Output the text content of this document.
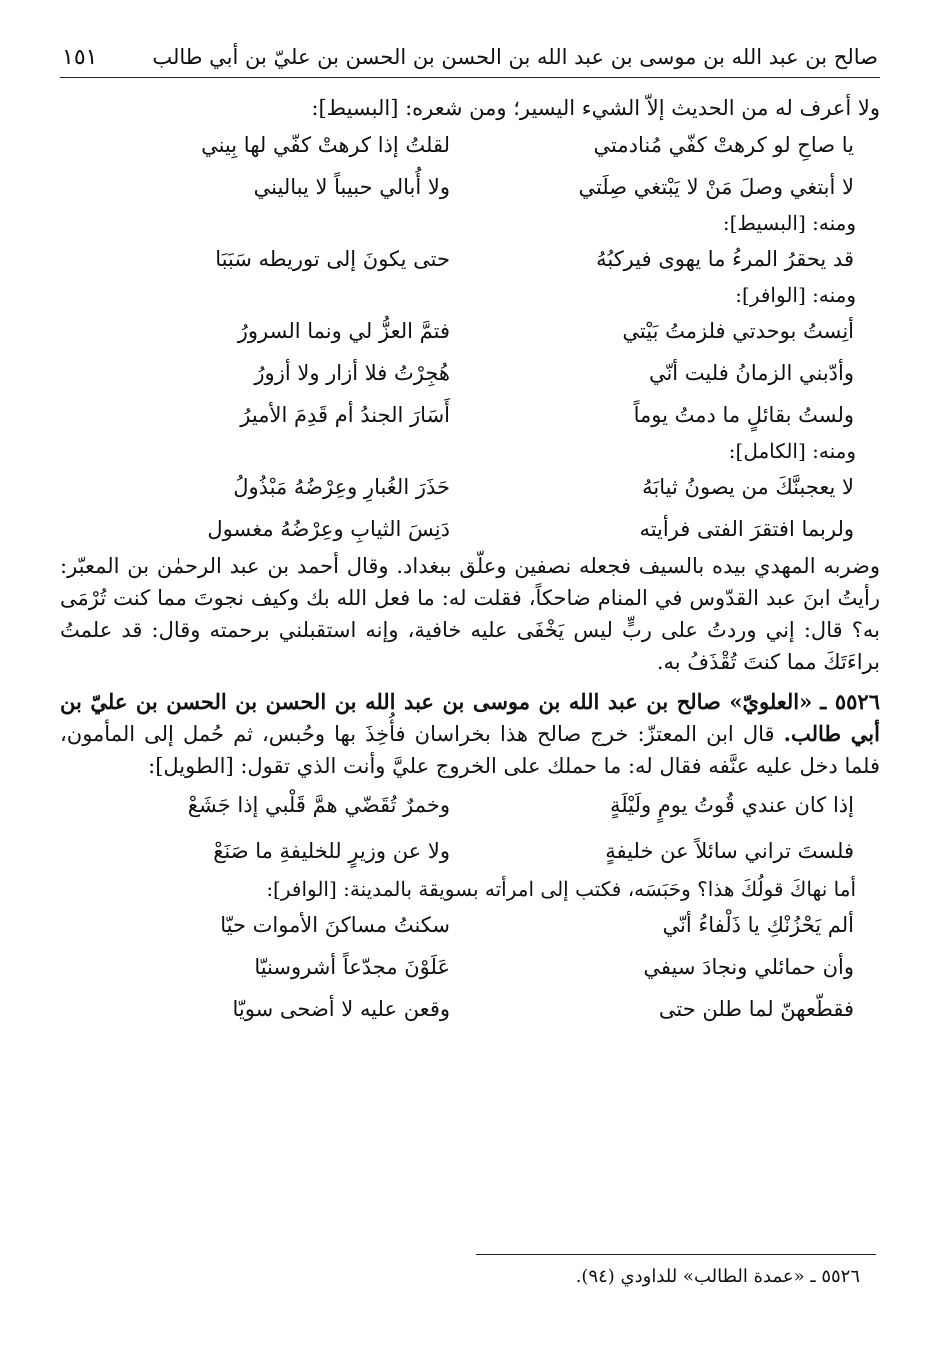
صالح بن عبد الله بن موسى بن عبد الله بن الحسن بن الحسن بن عليّ بن أبي طالب
١٥١
ولا أعرف له من الحديث إلاّ الشيء اليسير؛ ومن شعره: [البسيط]:
يا صاحِ لو كرهتْ كفّي مُنادمتي
لقلتُ إذا كرهتْ كفّي لها بِيني
لا أبتغي وصلَ مَنْ لا يَبْتغي صِلَتي
ولا أُبالي حبيباً لا يباليني
ومنه: [البسيط]:
قد يحقرُ المرءُ ما يهوى فيركبُهُ
حتى يكونَ إلى توريطه سَبَبَا
ومنه: [الوافر]:
أنِستُ بوحدتي فلزمتُ بَيْتي
فتمَّ العزُّ لي ونما السرورُ
وأدّبني الزمانُ فليت أنّي
هُجِرْتُ فلا أزار ولا أزورُ
ولستُ بقائلٍ ما دمتُ يوماً
أَسَارَ الجندُ أم قَدِمَ الأميرُ
ومنه: [الكامل]:
لا يعجبنَّكَ من يصونُ ثيابَهُ
حَذَرَ الغُبارِ وعِرْضُهُ مَبْذُولُ
ولربما افتقرَ الفتى فرأيته
دَنِسَ الثيابِ وعِرْضُهُ مغسول
وضربه المهدي بيده بالسيف فجعله نصفين وعلّق ببغداد. وقال أحمد بن عبد الرحمٰن بن المعبّر: رأيتُ ابنَ عبد القدّوس في المنام ضاحكاً، فقلت له: ما فعل الله بك وكيف نجوتَ مما كنت تُرْمَى به؟ قال: إني وردتُ على ربٍّ ليس يَخْفَى عليه خافية، وإنه استقبلني برحمته وقال: قد علمتُ براءَتَكَ مما كنتَ تُقْذَفُ به.
٥٥٢٦ ـ «العلويّ» صالح بن عبد الله بن موسى بن عبد الله بن الحسن بن الحسن بن عليّ بن أبي طالب. قال ابن المعتزّ: خرج صالح هذا بخراسان فأُخِذَ بها وحُبس، ثم حُمل إلى المأمون، فلما دخل عليه عنَّفه فقال له: ما حملك على الخروج عليَّ وأنت الذي تقول: [الطويل]:
إذا كان عندي قُوتُ يومٍ ولَيْلَةٍ
وخمرٌ تُقَضّي همَّ قَلْبي إذا جَشَعْ
فلستَ تراني سائلاً عن خليفةٍ
ولا عن وزيرٍ للخليفةِ ما صَنَعْ
أما نهاكَ قولُكَ هذا؟ وحَبَسَه، فكتب إلى امرأته بسويقة بالمدينة: [الوافر]:
ألم يَحْزُنْكِ يا ذَلْفاءُ أنّي
سكنتُ مساكنَ الأموات حيّا
وأن حمائلي ونجادَ سيفي
عَلَوْنَ مجدّعاً أشروسنيّا
فقطّعهنّ لما طلن حتى
وقعن عليه لا أضحى سويّا
٥٥٢٦ ـ «عمدة الطالب» للداودي (٩٤).
